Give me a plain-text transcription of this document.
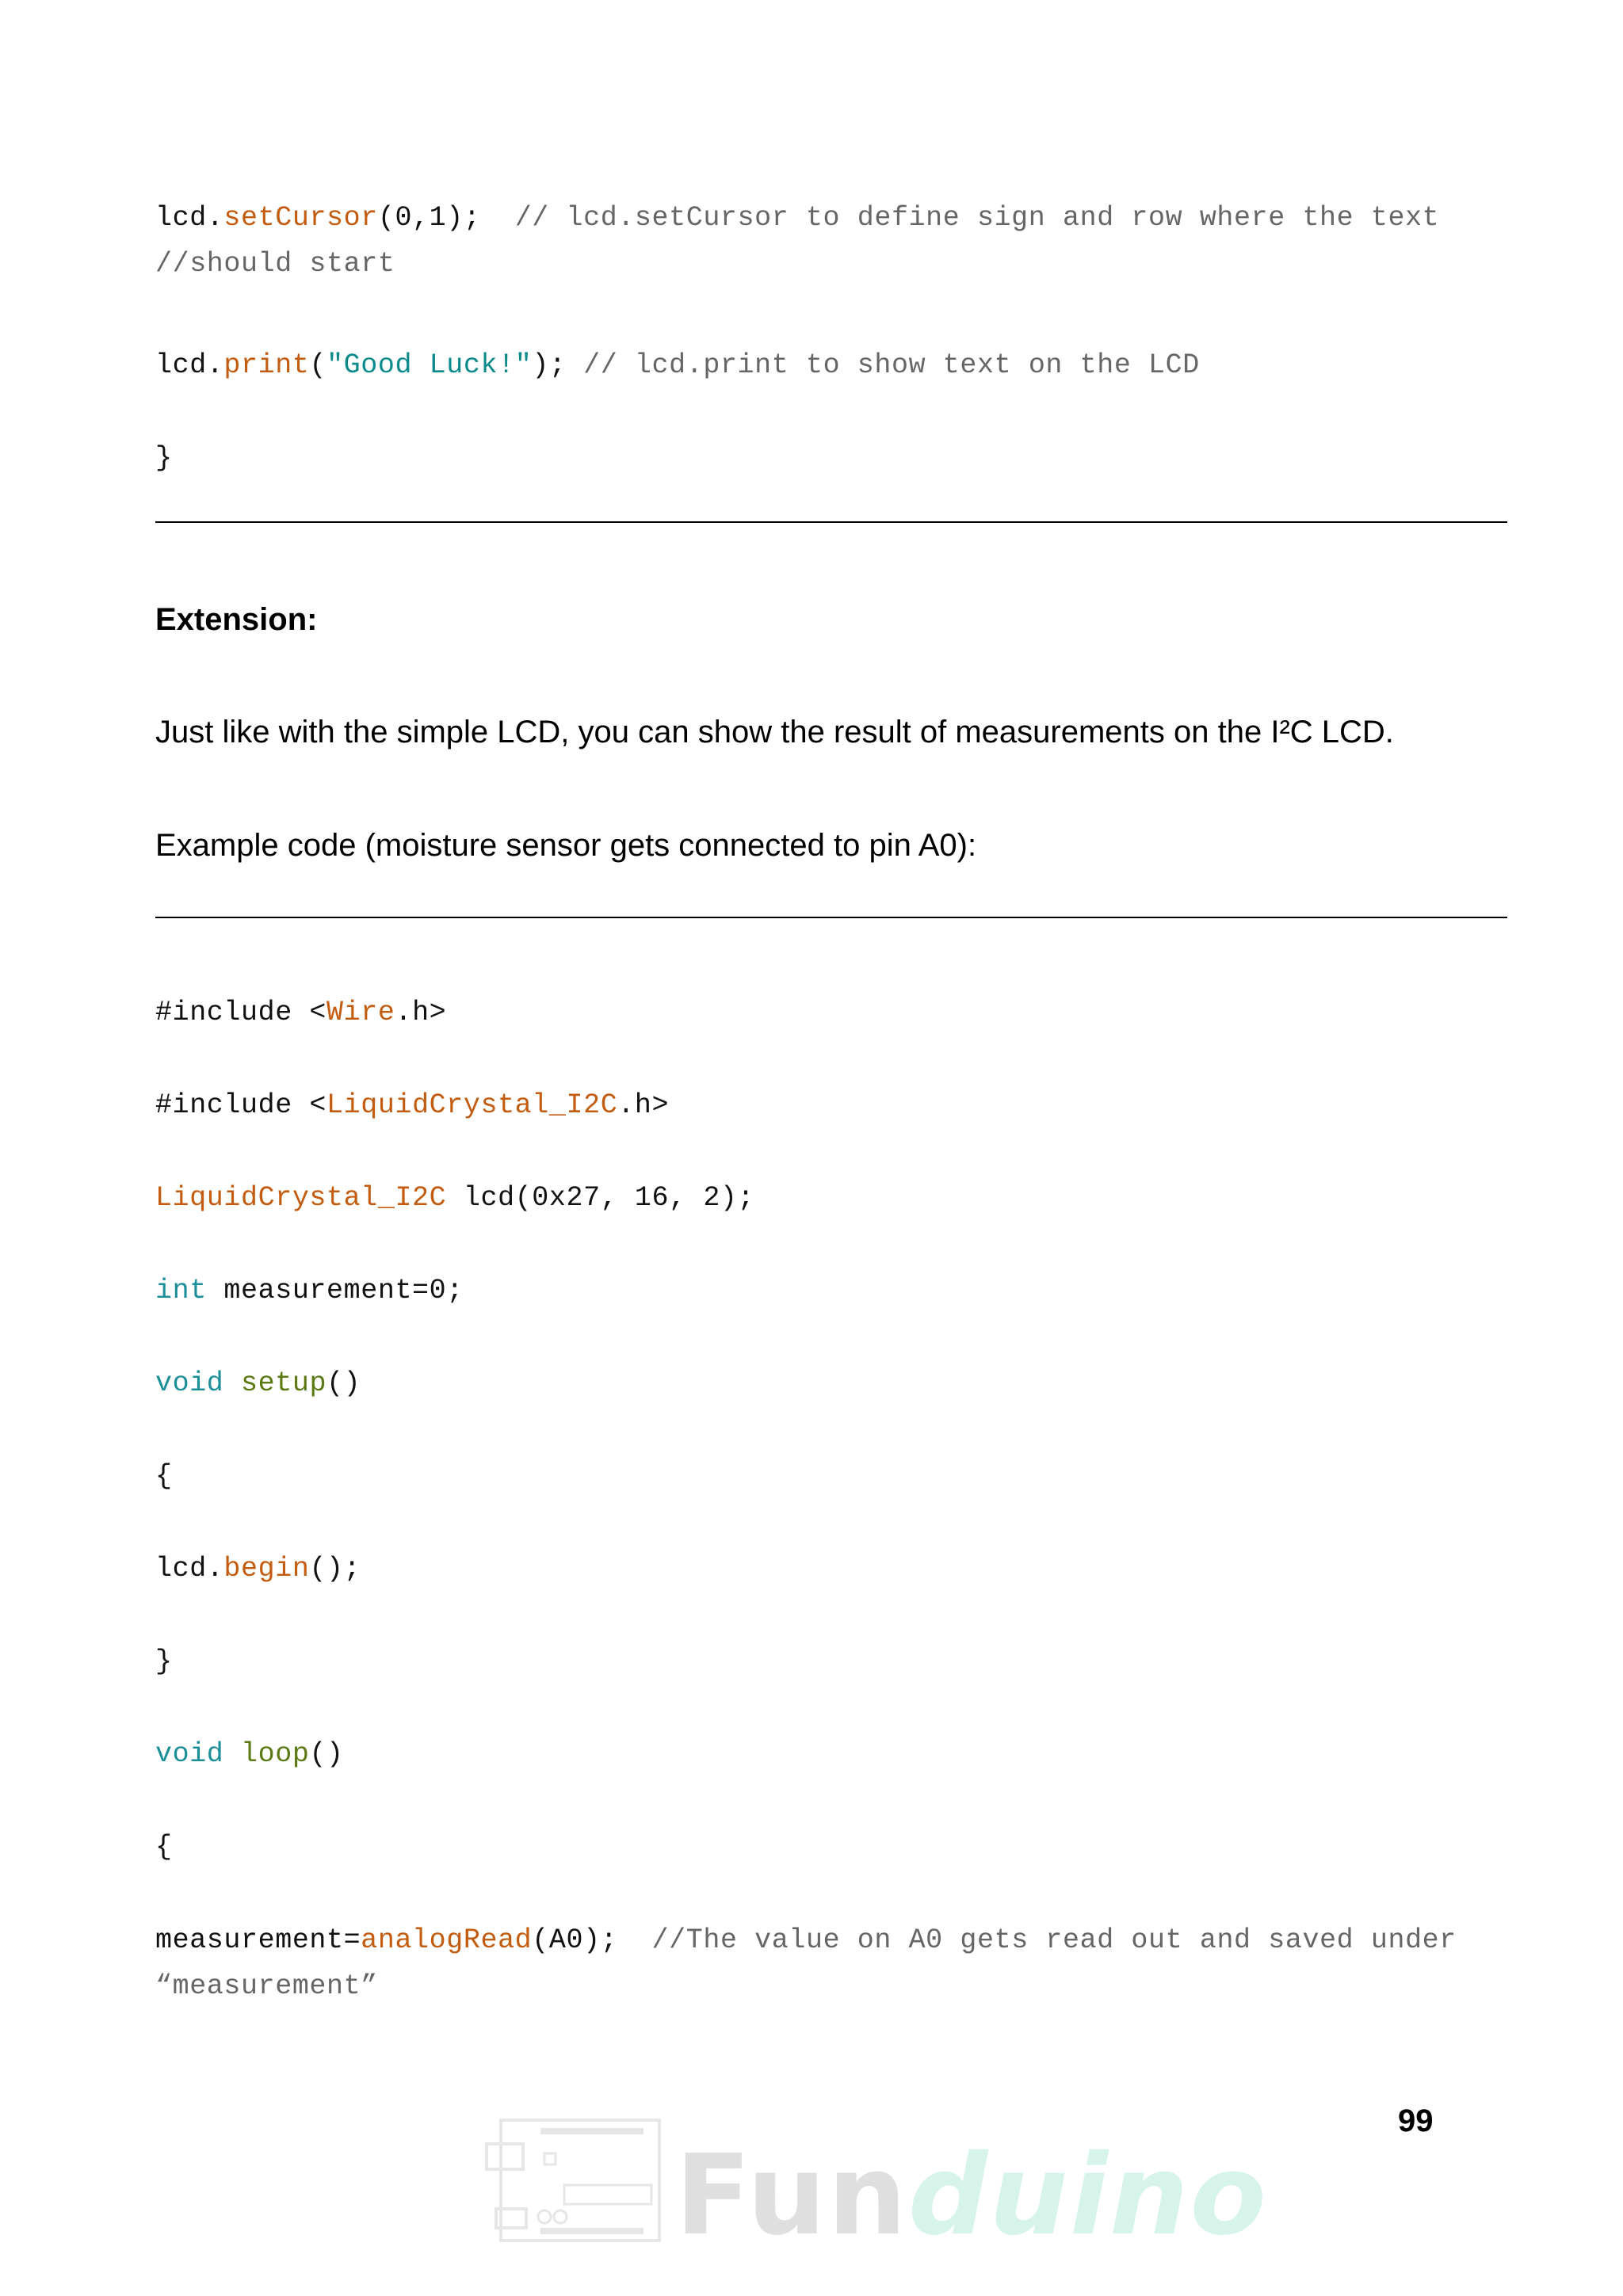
lcd.setCursor(0,1);  // lcd.setCursor to define sign and row where the text
//should start
lcd.print("Good Luck!"); // lcd.print to show text on the LCD
}
Extension:
Just like with the simple LCD, you can show the result of measurements on the I²C LCD.
Example code (moisture sensor gets connected to pin A0):
#include <Wire.h>
#include <LiquidCrystal_I2C.h>
LiquidCrystal_I2C lcd(0x27, 16, 2);
int measurement=0;
void setup()
{
lcd.begin();
}
void loop()
{
measurement=analogRead(A0);  //The value on A0 gets read out and saved under
“measurement”
99
Funduino
